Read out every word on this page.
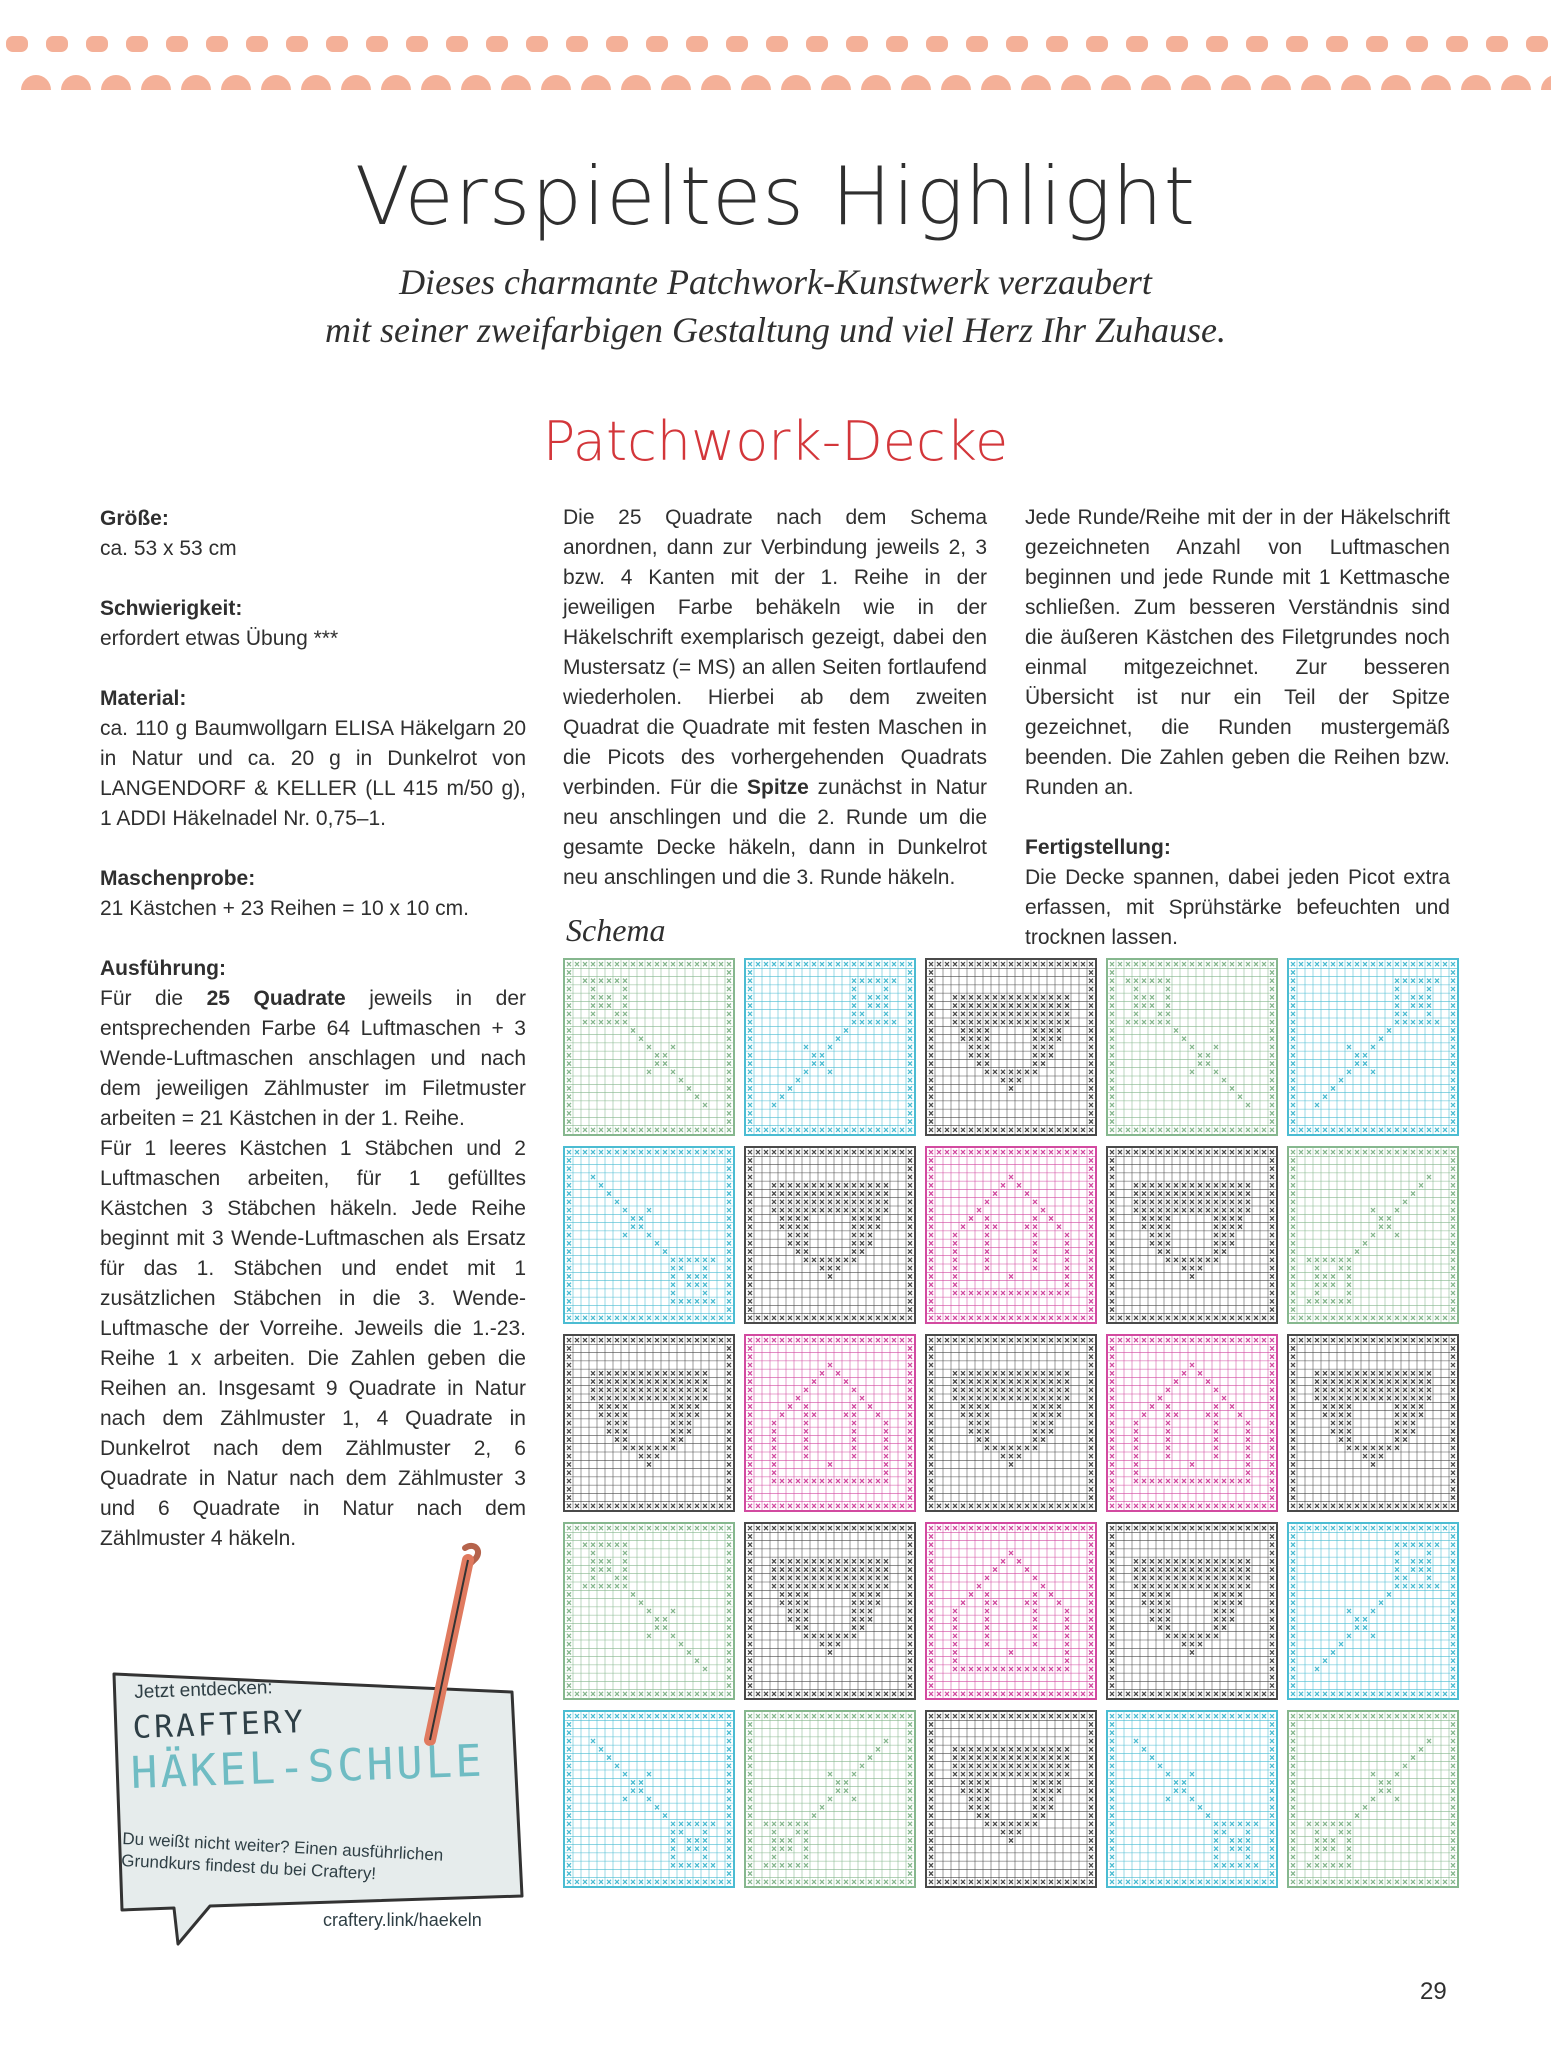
Verspieltes Highlight
Dieses charmante Patchwork-Kunstwerk verzaubert
mit seiner zweifarbigen Gestaltung und viel Herz Ihr Zuhause.
Patchwork-Decke

Größe:

ca. 53 x 53 cm

Schwierigkeit:

erfordert etwas Übung ***

Material:

ca. 110 g Baumwollgarn ELISA Häkelgarn 20 in Natur und ca. 20 g in Dunkelrot von LANGENDORF & KELLER (LL 415 m/50 g), 1 ADDI Häkelnadel Nr. 0,75–1.

Maschenprobe:

21 Kästchen + 23 Reihen = 10 x 10 cm.

Ausführung:

Für die 25 Quadrate jeweils in der entsprechenden Farbe 64 Luftmaschen + 3 Wende-Luftmaschen anschlagen und nach dem jeweiligen Zählmuster im Filetmuster arbeiten = 21 Kästchen in der 1. Reihe.

Für 1 leeres Kästchen 1 Stäbchen und 2 Luftmaschen arbeiten, für 1 gefülltes Kästchen 3 Stäbchen häkeln. Jede Reihe beginnt mit 3 Wende-Luftmaschen als Ersatz für das 1. Stäbchen und endet mit 1 zusätzlichen Stäbchen in die 3. Wende-Luftmasche der Vorreihe. Jeweils die 1.-23. Reihe 1 x arbeiten. Die Zahlen geben die Reihen an. Insgesamt 9 Quadrate in Natur nach dem Zählmuster 1, 4 Quadrate in Dunkelrot nach dem Zählmuster 2, 6 Quadrate in Natur nach dem Zählmuster 3 und 6 Quadrate in Natur nach dem Zählmuster 4 häkeln.

Die 25 Quadrate nach dem Schema anordnen, dann zur Verbindung jeweils 2, 3 bzw. 4 Kanten mit der 1. Reihe in der jeweiligen Farbe behäkeln wie in der Häkelschrift exemplarisch gezeigt, dabei den Mustersatz (= MS) an allen Seiten fortlaufend wiederholen. Hierbei ab dem zweiten Quadrat die Quadrate mit festen Maschen in die Picots des vorhergehenden Quadrats verbinden. Für die Spitze zunächst in Natur neu anschlingen und die 2. Runde um die gesamte Decke häkeln, dann in Dunkelrot neu anschlingen und die 3. Runde häkeln.

Jede Runde/Reihe mit der in der Häkelschrift gezeichneten Anzahl von Luftmaschen beginnen und jede Runde mit 1 Kettmasche schließen. Zum besseren Verständnis sind die äußeren Kästchen des Filetgrundes noch einmal mitgezeichnet. Zur besseren Übersicht ist nur ein Teil der Spitze gezeichnet, die Runden mustergemäß beenden. Die Zahlen geben die Reihen bzw. Runden an.

Fertigstellung:

Die Decke spannen, dabei jeden Picot extra erfassen, mit Sprühstärke befeuchten und trocknen lassen.

Schema
Jetzt entdecken:
CRAFTERY
HÄKEL-SCHULE
Du weißt nicht weiter? Einen ausführlichen Grundkurs findest du bei Craftery!
craftery.link/haekeln
29
